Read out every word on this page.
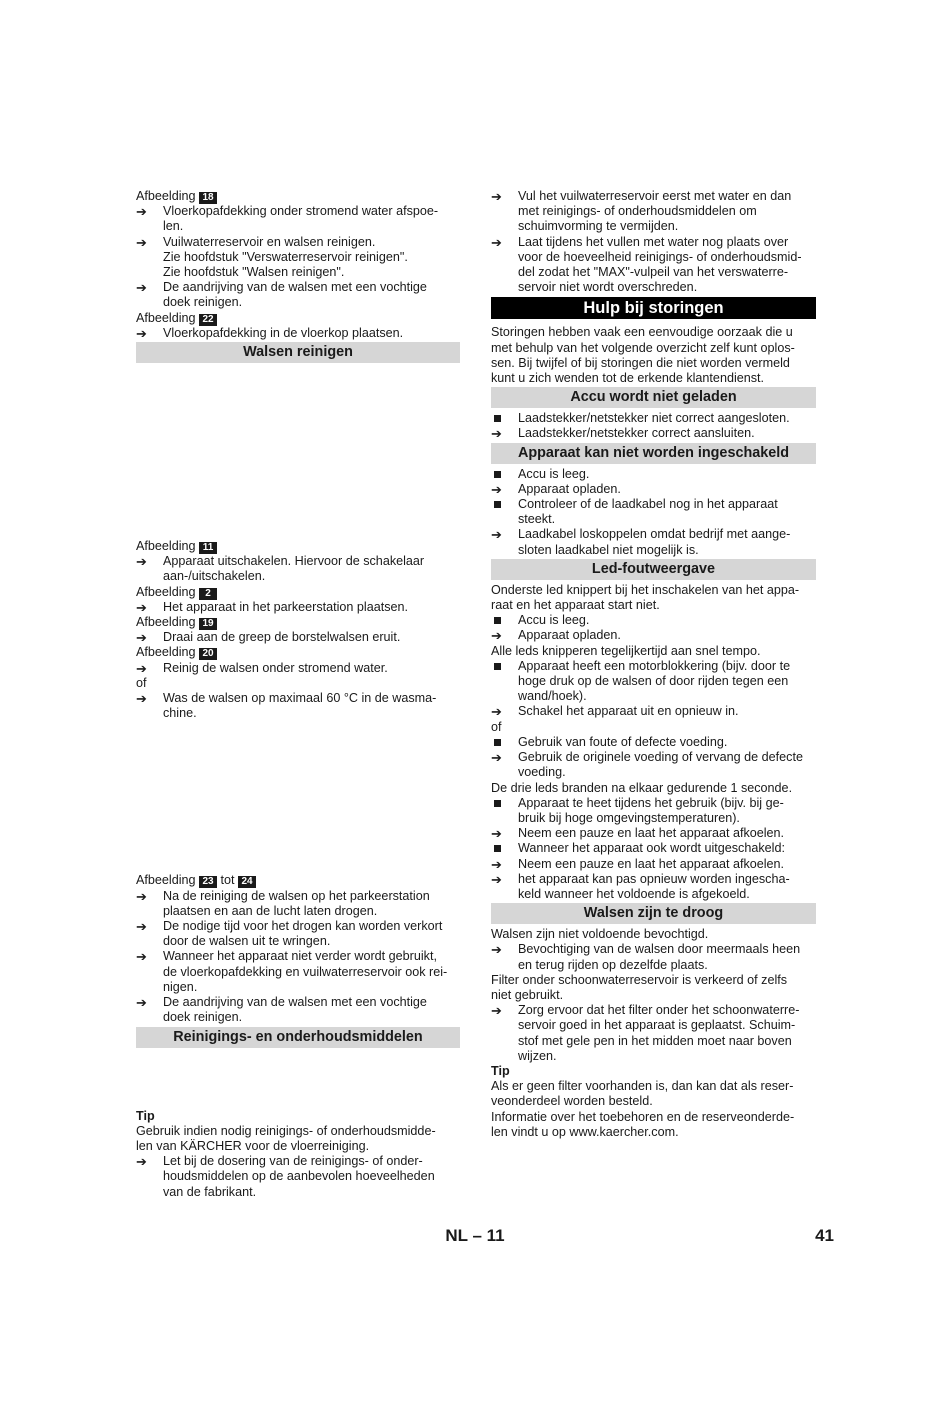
Afbeelding 18

➔	Vloerkopafdekking onder stromend water afspoe-
len.

➔	Vuilwaterreservoir en walsen reinigen.
Zie hoofdstuk "Verswaterreservoir reinigen".
Zie hoofdstuk "Walsen reinigen".

➔	De aandrijving van de walsen met een vochtige
doek reinigen.

Afbeelding 22

➔	Vloerkopafdekking in de vloerkop plaatsen.

Walsen reinigen

Afbeelding 11

➔	Apparaat uitschakelen. Hiervoor de schakelaar
aan-/uitschakelen.

Afbeelding 2

➔	Het apparaat in het parkeerstation plaatsen.

Afbeelding 19

➔	Draai aan de greep de borstelwalsen eruit.

Afbeelding 20

➔	Reinig de walsen onder stromend water.

of

➔	Was de walsen op maximaal 60 °C in de wasma-
chine.

Afbeelding 23 tot 24

➔	Na de reiniging de walsen op het parkeerstation
plaatsen en aan de lucht laten drogen.

➔	De nodige tijd voor het drogen kan worden verkort
door de walsen uit te wringen.

➔	Wanneer het apparaat niet verder wordt gebruikt,
de vloerkopafdekking en vuilwaterreservoir ook rei-
nigen.

➔	De aandrijving van de walsen met een vochtige
doek reinigen.

Reinigings- en onderhoudsmiddelen

Tip

Gebruik indien nodig reinigings- of onderhoudsmidde-
len van KÄRCHER voor de vloerreiniging.

➔	Let bij de dosering van de reinigings- of onder-
houdsmiddelen op de aanbevolen hoeveelheden
van de fabrikant.

➔	Vul het vuilwaterreservoir eerst met water en dan
met reinigings- of onderhoudsmiddelen om
schuimvorming te vermijden.

➔	Laat tijdens het vullen met water nog plaats over
voor de hoeveelheid reinigings- of onderhoudsmid-
del zodat het "MAX"-vulpeil van het verswaterre-
servoir niet wordt overschreden.

Hulp bij storingen

Storingen hebben vaak een eenvoudige oorzaak die u
met behulp van het volgende overzicht zelf kunt oplos-
sen. Bij twijfel of bij storingen die niet worden vermeld
kunt u zich wenden tot de erkende klantendienst.

Accu wordt niet geladen

Laadstekker/netstekker niet correct aangesloten.

➔	Laadstekker/netstekker correct aansluiten.

Apparaat kan niet worden ingeschakeld

Accu is leeg.

➔	Apparaat opladen.

Controleer of de laadkabel nog in het apparaat
steekt.

➔	Laadkabel loskoppelen omdat bedrijf met aange-
sloten laadkabel niet mogelijk is.

Led-foutweergave

Onderste led knippert bij het inschakelen van het appa-
raat en het apparaat start niet.

Accu is leeg.

➔	Apparaat opladen.

Alle leds knipperen tegelijkertijd aan snel tempo.

Apparaat heeft een motorblokkering (bijv. door te
hoge druk op de walsen of door rijden tegen een
wand/hoek).

➔	Schakel het apparaat uit en opnieuw in.

of

Gebruik van foute of defecte voeding.

➔	Gebruik de originele voeding of vervang de defecte
voeding.

De drie leds branden na elkaar gedurende 1 seconde.

Apparaat te heet tijdens het gebruik (bijv. bij ge-
bruik bij hoge omgevingstemperaturen).

➔	Neem een pauze en laat het apparaat afkoelen.

Wanneer het apparaat ook wordt uitgeschakeld:

➔	Neem een pauze en laat het apparaat afkoelen.

➔	het apparaat kan pas opnieuw worden ingescha-
keld wanneer het voldoende is afgekoeld.

Walsen zijn te droog

Walsen zijn niet voldoende bevochtigd.

➔	Bevochtiging van de walsen door meermaals heen
en terug rijden op dezelfde plaats.

Filter onder schoonwaterreservoir is verkeerd of zelfs
niet gebruikt.

➔	Zorg ervoor dat het filter onder het schoonwaterre-
servoir goed in het apparaat is geplaatst. Schuim-
stof met gele pen in het midden moet naar boven
wijzen.

Tip

Als er geen filter voorhanden is, dan kan dat als reser-
veonderdeel worden besteld.

Informatie over het toebehoren en de reserveonderde-
len vindt u op www.kaercher.com.

NL – 11	41
